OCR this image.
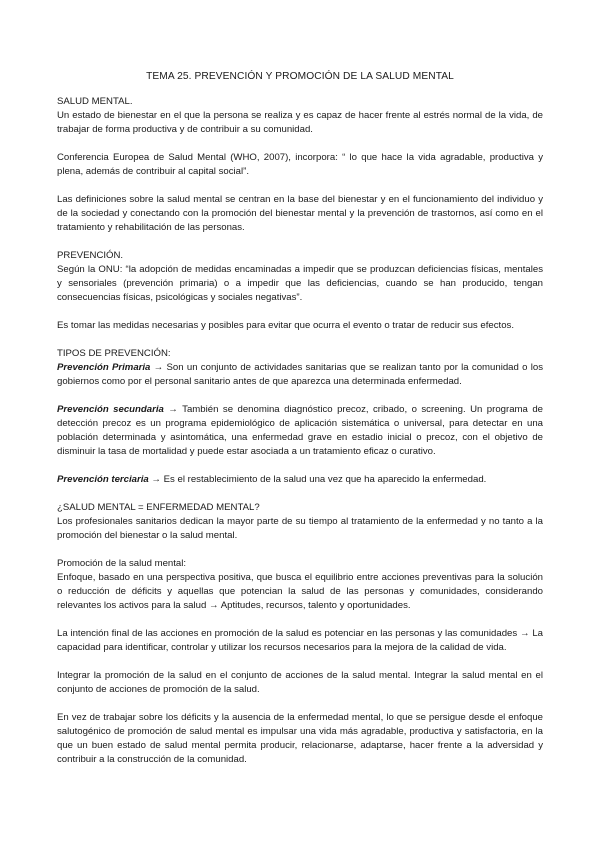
TEMA 25. PREVENCIÓN Y PROMOCIÓN DE LA SALUD MENTAL

SALUD MENTAL.
Un estado de bienestar en el que la persona se realiza y es capaz de hacer frente al estrés normal de la vida, de trabajar de forma productiva y de contribuir a su comunidad.

Conferencia Europea de Salud Mental (WHO, 2007), incorpora: “ lo que hace la vida agradable, productiva y plena, además de contribuir al capital social”.

Las definiciones sobre la salud mental se centran en la base del bienestar y en el funcionamiento del individuo y de la sociedad y conectando con la promoción del bienestar mental y la prevención de trastornos, así como en el tratamiento y rehabilitación de las personas.

PREVENCIÓN.
Según la ONU: “la adopción de medidas encaminadas a impedir que se produzcan deficiencias físicas, mentales y sensoriales (prevención primaria) o a impedir que las deficiencias, cuando se han producido, tengan consecuencias físicas, psicológicas y sociales negativas”.

Es tomar las medidas necesarias y posibles para evitar que ocurra el evento o tratar de reducir sus efectos.

TIPOS DE PREVENCIÓN:
Prevención Primaria → Son un conjunto de actividades sanitarias que se realizan tanto por la comunidad o los gobiernos como por el personal sanitario antes de que aparezca una determinada enfermedad.

Prevención secundaria → También se denomina diagnóstico precoz, cribado, o screening. Un programa de detección precoz es un programa epidemiológico de aplicación sistemática o universal, para detectar en una población determinada y asintomática, una enfermedad grave en estadio inicial o precoz, con el objetivo de disminuir la tasa de mortalidad y puede estar asociada a un tratamiento eficaz o curativo.

Prevención terciaria → Es el restablecimiento de la salud una vez que ha aparecido la enfermedad.

¿SALUD MENTAL = ENFERMEDAD MENTAL?
Los profesionales sanitarios dedican la mayor parte de su tiempo al tratamiento de la enfermedad y no tanto a la promoción del bienestar o la salud mental.

Promoción de la salud mental:
Enfoque, basado en una perspectiva positiva, que busca el equilibrio entre acciones preventivas para la solución o reducción de déficits y aquellas que potencian la salud de las personas y comunidades, considerando relevantes los activos para la salud → Aptitudes, recursos, talento y oportunidades.

La intención final de las acciones en promoción de la salud es potenciar en las personas y las comunidades → La capacidad para identificar, controlar y utilizar los recursos necesarios para la mejora de la calidad de vida.

Integrar la promoción de la salud en el conjunto de acciones de la salud mental. Integrar la salud mental en el conjunto de acciones de promoción de la salud.

En vez de trabajar sobre los déficits y la ausencia de la enfermedad mental, lo que se persigue desde el enfoque salutogénico de promoción de salud mental es impulsar una vida más agradable, productiva y satisfactoria, en la que un buen estado de salud mental permita producir, relacionarse, adaptarse, hacer frente a la adversidad y contribuir a la construcción de la comunidad.
